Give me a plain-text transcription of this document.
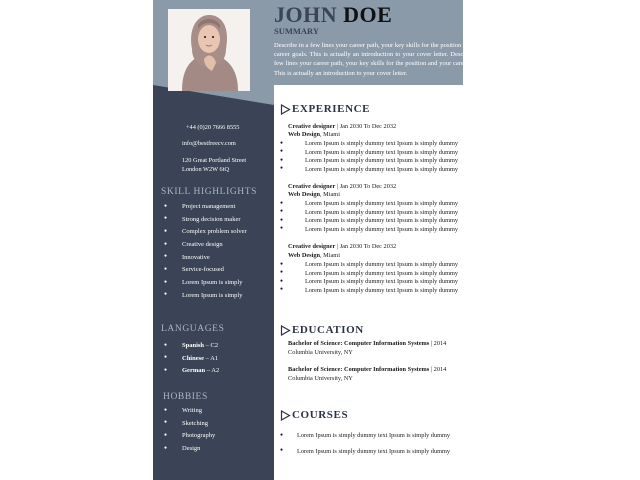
JOHN DOE
SUMMARY
Describe in a few lines your career path, your key skills for the position and your career goals. This is actually an introduction to your cover letter. Describe in a few lines your career path, your key skills for the position and your career goals. This is actually an introduction to your cover letter.
+44 (0)20 7666 8555
info@bestfreecv.com
120 Great Portland Street
London W2W 6tQ
SKILL HIGHLIGHTS
● Project management
● Strong decision maker
● Complex problem solver
● Creative design
● Innovative
● Service-focused
● Lorem Ipsum is simply
● Lorem Ipsum is simply
LANGUAGES
● Spanish – C2
● Chinese – A1
● German – A2
HOBBIES
● Writing
● Sketching
● Photography
● Design
EXPERIENCE
Creative designer | Jan 2030 To Dec 2032
Web Design, Miami
● Lorem Ipsum is simply dummy text Ipsum is simply dummy
● Lorem Ipsum is simply dummy text Ipsum is simply dummy
● Lorem Ipsum is simply dummy text Ipsum is simply dummy
● Lorem Ipsum is simply dummy text Ipsum is simply dummy
Creative designer | Jan 2030 To Dec 2032
Web Design, Miami
● Lorem Ipsum is simply dummy text Ipsum is simply dummy
● Lorem Ipsum is simply dummy text Ipsum is simply dummy
● Lorem Ipsum is simply dummy text Ipsum is simply dummy
● Lorem Ipsum is simply dummy text Ipsum is simply dummy
Creative designer | Jan 2030 To Dec 2032
Web Design, Miami
● Lorem Ipsum is simply dummy text Ipsum is simply dummy
● Lorem Ipsum is simply dummy text Ipsum is simply dummy
● Lorem Ipsum is simply dummy text Ipsum is simply dummy
● Lorem Ipsum is simply dummy text Ipsum is simply dummy
EDUCATION
Bachelor of Science: Computer Information Systems | 2014
Columbia University, NY
Bachelor of Science: Computer Information Systems | 2014
Columbia University, NY
COURSES
● Lorem Ipsum is simply dummy text Ipsum is simply dummy
● Lorem Ipsum is simply dummy text Ipsum is simply dummy
